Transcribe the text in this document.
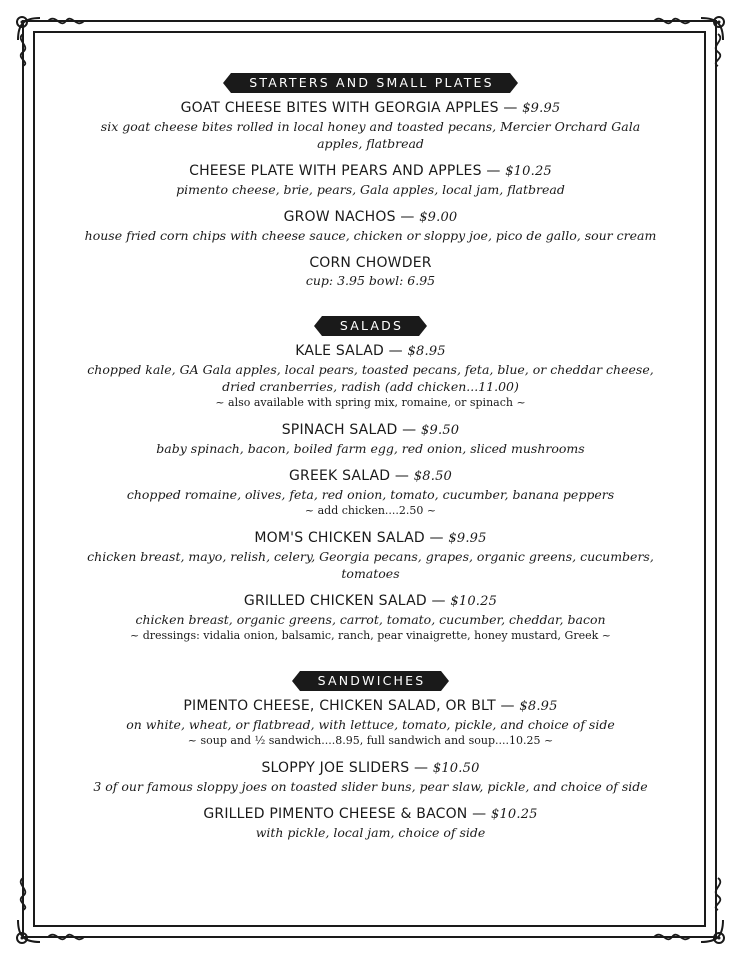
STARTERS AND SMALL PLATES
GOAT CHEESE BITES WITH GEORGIA APPLES — $9.95
six goat cheese bites rolled in local honey and toasted pecans, Mercier Orchard Gala apples, flatbread
CHEESE PLATE WITH PEARS AND APPLES — $10.25
pimento cheese, brie, pears, Gala apples, local jam, flatbread
GROW NACHOS — $9.00
house fried corn chips with cheese sauce, chicken or sloppy joe, pico de gallo, sour cream
CORN CHOWDER
cup: 3.95 bowl: 6.95
SALADS
KALE SALAD — $8.95
chopped kale, GA Gala apples, local pears, toasted pecans, feta, blue, or cheddar cheese, dried cranberries, radish (add chicken...11.00)
~ also available with spring mix, romaine, or spinach ~
SPINACH SALAD — $9.50
baby spinach, bacon, boiled farm egg, red onion, sliced mushrooms
GREEK SALAD — $8.50
chopped romaine, olives, feta, red onion, tomato, cucumber, banana peppers
~ add chicken....2.50 ~
MOM'S CHICKEN SALAD — $9.95
chicken breast, mayo, relish, celery, Georgia pecans, grapes, organic greens, cucumbers, tomatoes
GRILLED CHICKEN SALAD — $10.25
chicken breast, organic greens, carrot, tomato, cucumber, cheddar, bacon
~ dressings: vidalia onion, balsamic, ranch, pear vinaigrette, honey mustard, Greek ~
SANDWICHES
PIMENTO CHEESE, CHICKEN SALAD, OR BLT — $8.95
on white, wheat, or flatbread, with lettuce, tomato, pickle, and choice of side
~ soup and ½ sandwich....8.95, full sandwich and soup....10.25 ~
SLOPPY JOE SLIDERS — $10.50
3 of our famous sloppy joes on toasted slider buns, pear slaw, pickle, and choice of side
GRILLED PIMENTO CHEESE & BACON — $10.25
with pickle, local jam, choice of side
